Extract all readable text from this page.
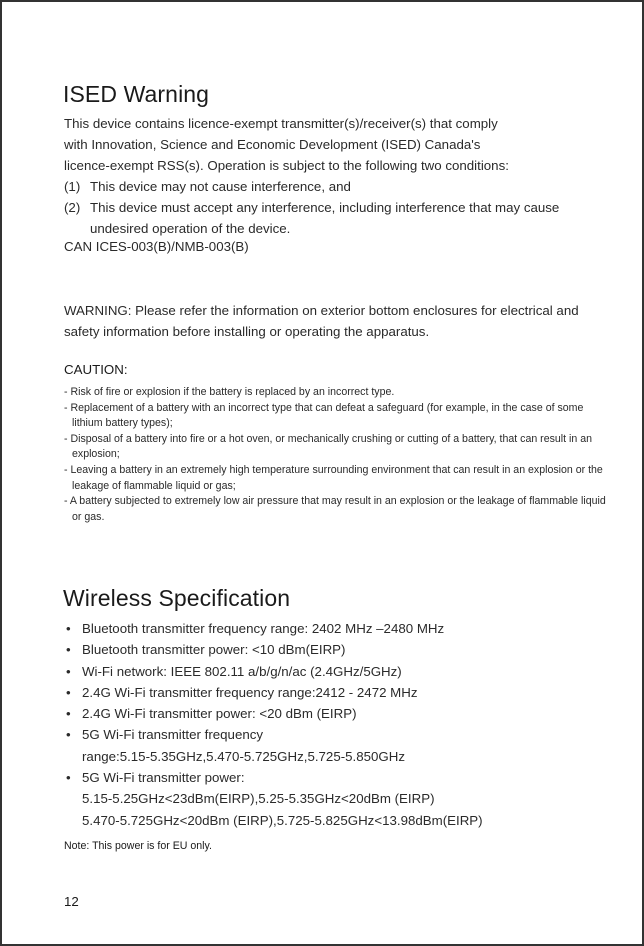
ISED Warning
This device contains licence-exempt transmitter(s)/receiver(s) that comply
with Innovation, Science and Economic Development (ISED) Canada's
licence-exempt RSS(s). Operation is subject to the following two conditions:
(1) This device may not cause interference, and
(2) This device must accept any interference, including interference that may cause undesired operation of the device.
CAN ICES-003(B)/NMB-003(B)
WARNING: Please refer the information on exterior bottom enclosures for electrical and safety information before installing or operating the apparatus.
CAUTION:
- Risk of fire or explosion if the battery is replaced by an incorrect type.
- Replacement of a battery with an incorrect type that can defeat a safeguard (for example, in the case of some lithium battery types);
- Disposal of a battery into fire or a hot oven, or mechanically crushing or cutting of a battery, that can result in an explosion;
- Leaving a battery in an extremely high temperature surrounding environment that can result in an explosion or the leakage of flammable liquid or gas;
- A battery subjected to extremely low air pressure that may result in an explosion or the leakage of flammable liquid or gas.
Wireless Specification
• Bluetooth transmitter frequency range: 2402 MHz –2480 MHz
• Bluetooth transmitter power: <10 dBm(EIRP)
• Wi-Fi network: IEEE 802.11 a/b/g/n/ac (2.4GHz/5GHz)
• 2.4G Wi-Fi transmitter frequency range:2412 - 2472 MHz
• 2.4G Wi-Fi transmitter power: <20 dBm (EIRP)
• 5G Wi-Fi transmitter frequency
range:5.15-5.35GHz,5.470-5.725GHz,5.725-5.850GHz
• 5G Wi-Fi transmitter power:
5.15-5.25GHz<23dBm(EIRP),5.25-5.35GHz<20dBm (EIRP)
5.470-5.725GHz<20dBm (EIRP),5.725-5.825GHz<13.98dBm(EIRP)
Note: This power is for EU only.
12
